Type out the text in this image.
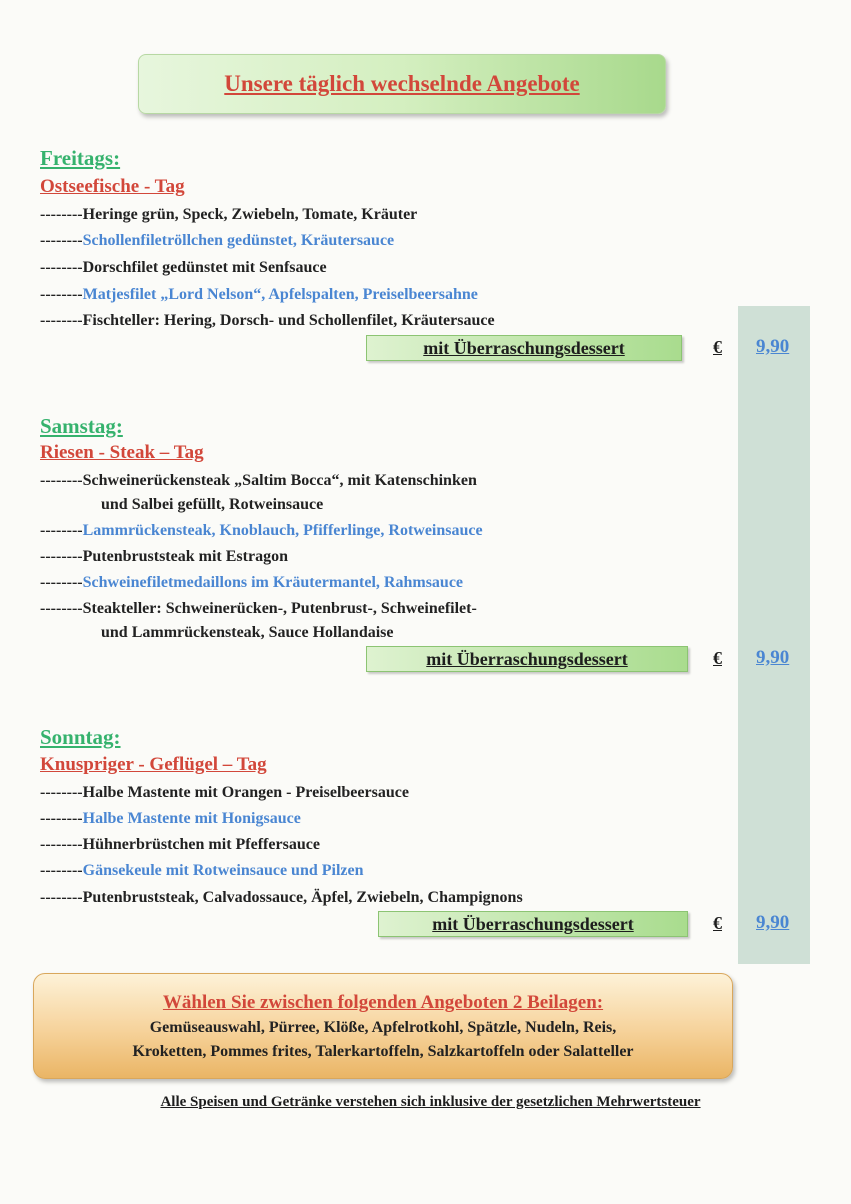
Unsere täglich wechselnde Angebote
Freitags:
Ostseefische - Tag
--------Heringe grün, Speck, Zwiebeln, Tomate, Kräuter
--------Schollenfiletröllchen gedünstet, Kräutersauce
--------Dorschfilet gedünstet mit Senfsauce
--------Matjesfilet „Lord Nelson“, Apfelspalten, Preiselbeersahne
--------Fischteller: Hering, Dorsch- und Schollenfilet, Kräutersauce
mit Überraschungsdessert	€ 9,90
Samstag:
Riesen - Steak – Tag
--------Schweinerückensteak „Saltim Bocca“, mit Katenschinken
und Salbei gefüllt, Rotweinsauce
--------Lammrückensteak, Knoblauch, Pfifferlinge, Rotweinsauce
--------Putenbruststeak mit Estragon
--------Schweinefiletmedaillons im Kräutermantel, Rahmsauce
--------Steakteller: Schweinerücken-, Putenbrust-, Schweinefilet-
und Lammrückensteak, Sauce Hollandaise
mit Überraschungsdessert	€ 9,90
Sonntag:
Knuspriger - Geflügel – Tag
--------Halbe Mastente mit Orangen - Preiselbeersauce
--------Halbe Mastente mit Honigsauce
--------Hühnerbrüstchen mit Pfeffersauce
--------Gänsekeule mit Rotweinsauce und Pilzen
--------Putenbruststeak, Calvadossauce, Äpfel, Zwiebeln, Champignons
mit Überraschungsdessert	€ 9,90
Wählen Sie zwischen folgenden Angeboten 2 Beilagen:
Gemüseauswahl, Pürree, Klöße, Apfelrotkohl, Spätzle, Nudeln, Reis,
Kroketten, Pommes frites, Talerkartoffeln, Salzkartoffeln oder Salatteller
Alle Speisen und Getränke verstehen sich inklusive der gesetzlichen Mehrwertsteuer
